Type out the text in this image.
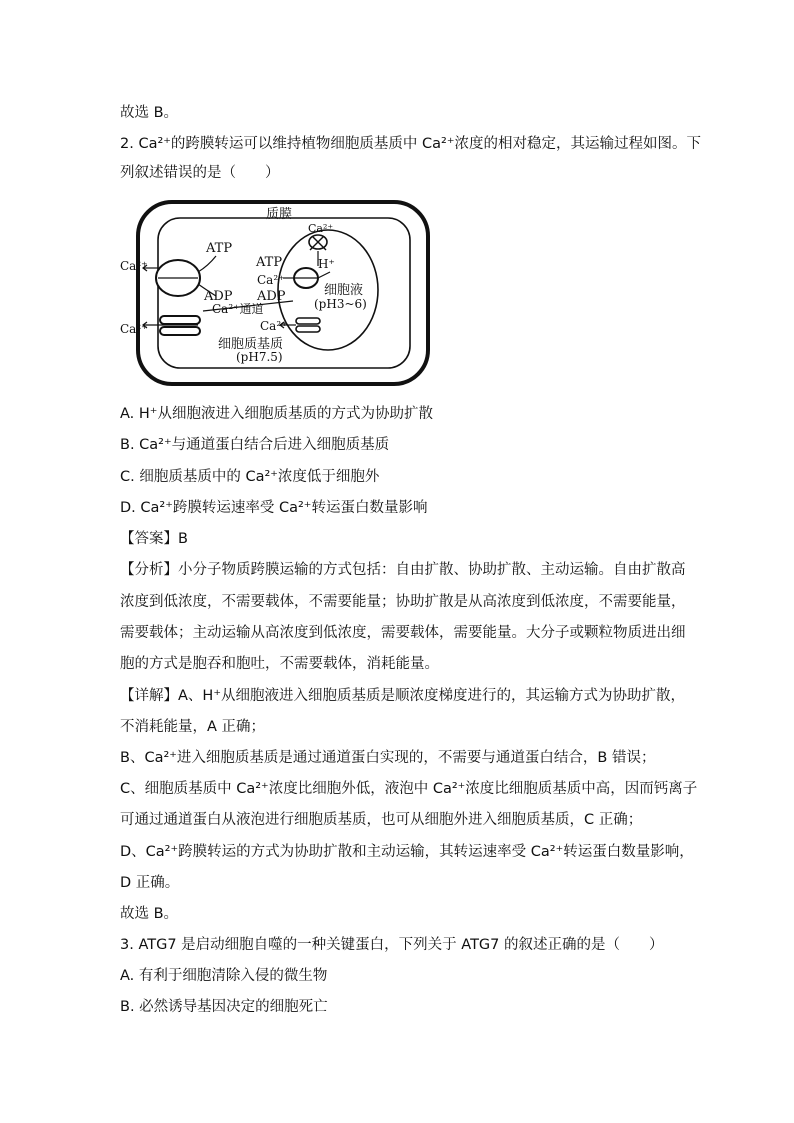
故选 B。
2. Ca²⁺的跨膜转运可以维持植物细胞质基质中 Ca²⁺浓度的相对稳定，其运输过程如图。下
列叙述错误的是（　　）
质膜
Ca²⁺
ATP
ADP
Ca²⁺
Ca²⁺通道
细胞质基质
(pH7.5)
Ca²⁺
ATP
Ca²⁺
ADP
H⁺
细胞液
(pH3~6)
Ca²⁺
A. H⁺从细胞液进入细胞质基质的方式为协助扩散
B. Ca²⁺与通道蛋白结合后进入细胞质基质
C. 细胞质基质中的 Ca²⁺浓度低于细胞外
D. Ca²⁺跨膜转运速率受 Ca²⁺转运蛋白数量影响
【答案】B
【分析】小分子物质跨膜运输的方式包括：自由扩散、协助扩散、主动运输。自由扩散高
浓度到低浓度，不需要载体，不需要能量；协助扩散是从高浓度到低浓度，不需要能量，
需要载体；主动运输从高浓度到低浓度，需要载体，需要能量。大分子或颗粒物质进出细
胞的方式是胞吞和胞吐，不需要载体，消耗能量。
【详解】A、H⁺从细胞液进入细胞质基质是顺浓度梯度进行的，其运输方式为协助扩散，
不消耗能量，A 正确；
B、Ca²⁺进入细胞质基质是通过通道蛋白实现的，不需要与通道蛋白结合，B 错误；
C、细胞质基质中 Ca²⁺浓度比细胞外低，液泡中 Ca²⁺浓度比细胞质基质中高，因而钙离子
可通过通道蛋白从液泡进行细胞质基质，也可从细胞外进入细胞质基质，C 正确；
D、Ca²⁺跨膜转运的方式为协助扩散和主动运输，其转运速率受 Ca²⁺转运蛋白数量影响，
D 正确。
故选 B。
3. ATG7 是启动细胞自噬的一种关键蛋白，下列关于 ATG7 的叙述正确的是（　　）
A. 有利于细胞清除入侵的微生物
B. 必然诱导基因决定的细胞死亡
